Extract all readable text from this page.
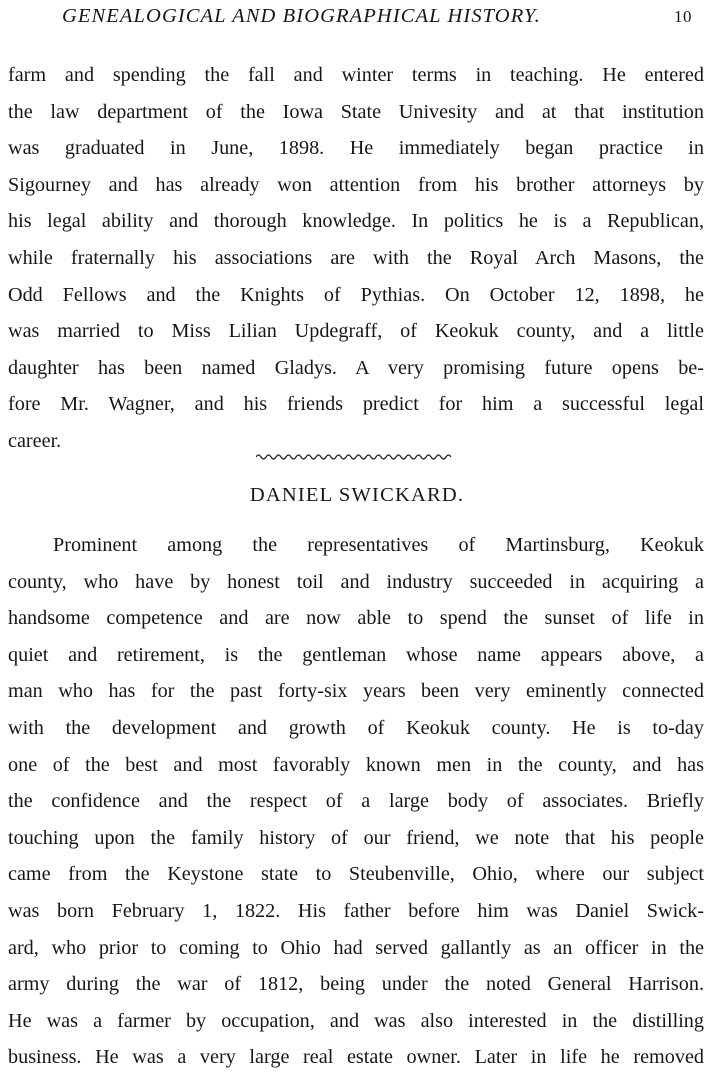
GENEALOGICAL AND BIOGRAPHICAL HISTORY.	10
farm and spending the fall and winter terms in teaching. He entered
the law department of the Iowa State Univesity and at that institution
was graduated in June, 1898. He immediately began practice in
Sigourney and has already won attention from his brother attorneys by
his legal ability and thorough knowledge. In politics he is a Republican,
while fraternally his associations are with the Royal Arch Masons, the
Odd Fellows and the Knights of Pythias. On October 12, 1898, he
was married to Miss Lilian Updegraff, of Keokuk county, and a little
daughter has been named Gladys. A very promising future opens be-
fore Mr. Wagner, and his friends predict for him a successful legal
career.
DANIEL SWICKARD.
Prominent among the representatives of Martinsburg, Keokuk
county, who have by honest toil and industry succeeded in acquiring a
handsome competence and are now able to spend the sunset of life in
quiet and retirement, is the gentleman whose name appears above, a
man who has for the past forty-six years been very eminently connected
with the development and growth of Keokuk county. He is to-day
one of the best and most favorably known men in the county, and has
the confidence and the respect of a large body of associates. Briefly
touching upon the family history of our friend, we note that his people
came from the Keystone state to Steubenville, Ohio, where our subject
was born February 1, 1822. His father before him was Daniel Swick-
ard, who prior to coming to Ohio had served gallantly as an officer in the
army during the war of 1812, being under the noted General Harrison.
He was a farmer by occupation, and was also interested in the distilling
business. He was a very large real estate owner. Later in life he removed
